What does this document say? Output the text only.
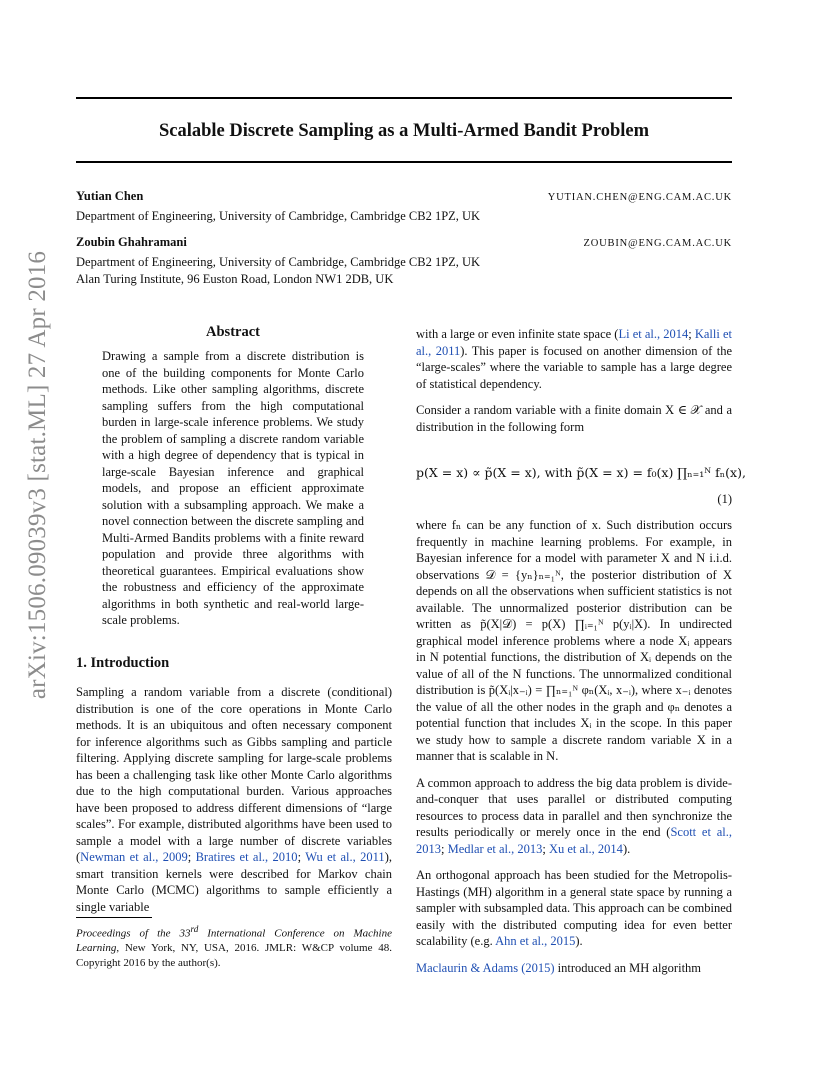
Scalable Discrete Sampling as a Multi-Armed Bandit Problem
arXiv:1506.09039v3 [stat.ML] 27 Apr 2016
Yutian Chen	YUTIAN.CHEN@ENG.CAM.AC.UK
Department of Engineering, University of Cambridge, Cambridge CB2 1PZ, UK
Zoubin Ghahramani	ZOUBIN@ENG.CAM.AC.UK
Department of Engineering, University of Cambridge, Cambridge CB2 1PZ, UK
Alan Turing Institute, 96 Euston Road, London NW1 2DB, UK
Abstract
Drawing a sample from a discrete distribution is one of the building components for Monte Carlo methods. Like other sampling algorithms, discrete sampling suffers from the high computational burden in large-scale inference problems. We study the problem of sampling a discrete random variable with a high degree of dependency that is typical in large-scale Bayesian inference and graphical models, and propose an efficient approximate solution with a subsampling approach. We make a novel connection between the discrete sampling and Multi-Armed Bandits problems with a finite reward population and provide three algorithms with theoretical guarantees. Empirical evaluations show the robustness and efficiency of the approximate algorithms in both synthetic and real-world large-scale problems.
1. Introduction
Sampling a random variable from a discrete (conditional) distribution is one of the core operations in Monte Carlo methods. It is an ubiquitous and often necessary component for inference algorithms such as Gibbs sampling and particle filtering. Applying discrete sampling for large-scale problems has been a challenging task like other Monte Carlo algorithms due to the high computational burden. Various approaches have been proposed to address different dimensions of “large scales”. For example, distributed algorithms have been used to sample a model with a large number of discrete variables (Newman et al., 2009; Bratires et al., 2010; Wu et al., 2011), smart transition kernels were described for Markov chain Monte Carlo (MCMC) algorithms to sample efficiently a single variable
Proceedings of the 33rd International Conference on Machine Learning, New York, NY, USA, 2016. JMLR: W&CP volume 48. Copyright 2016 by the author(s).

with a large or even infinite state space (Li et al., 2014; Kalli et al., 2011). This paper is focused on another dimension of the “large-scales” where the variable to sample has a large degree of statistical dependency.

Consider a random variable with a finite domain X ∈ 𝒳 and a distribution in the following form

p(X = x) ∝ p̃(X = x), with p̃(X = x) = f₀(x) ∏ₙ₌₁ᴺ fₙ(x),
(1)

where fₙ can be any function of x. Such distribution occurs frequently in machine learning problems. For example, in Bayesian inference for a model with parameter X and N i.i.d. observations 𝒟 = {yₙ}ₙ₌₁ᴺ, the posterior distribution of X depends on all the observations when sufficient statistics is not available. The unnormalized posterior distribution can be written as p̃(X|𝒟) = p(X) ∏ᵢ₌₁ᴺ p(yᵢ|X). In undirected graphical model inference problems where a node Xᵢ appears in N potential functions, the distribution of Xᵢ depends on the value of all of the N functions. The unnormalized conditional distribution is p̃(Xᵢ|x₋ᵢ) = ∏ₙ₌₁ᴺ φₙ(Xᵢ, x₋ᵢ), where x₋ᵢ denotes the value of all the other nodes in the graph and φₙ denotes a potential function that includes Xᵢ in the scope. In this paper we study how to sample a discrete random variable X in a manner that is scalable in N.

A common approach to address the big data problem is divide-and-conquer that uses parallel or distributed computing resources to process data in parallel and then synchronize the results periodically or merely once in the end (Scott et al., 2013; Medlar et al., 2013; Xu et al., 2014).

An orthogonal approach has been studied for the Metropolis-Hastings (MH) algorithm in a general state space by running a sampler with subsampled data. This approach can be combined easily with the distributed computing idea for even better scalability (e.g. Ahn et al., 2015).

Maclaurin & Adams (2015) introduced an MH algorithm
